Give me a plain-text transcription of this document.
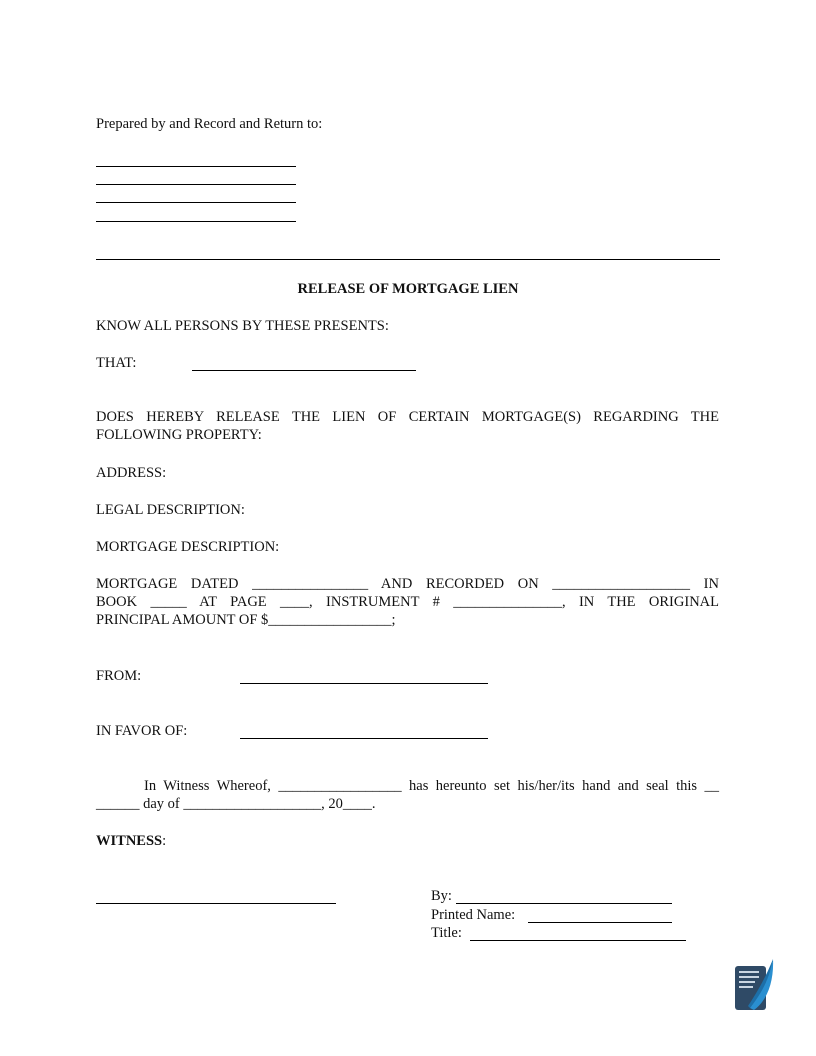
Prepared by and Record and Return to:
RELEASE OF MORTGAGE LIEN
KNOW ALL PERSONS BY THESE PRESENTS:
THAT:
DOES HEREBY RELEASE THE LIEN OF CERTAIN MORTGAGE(S) REGARDING THE
FOLLOWING PROPERTY:
ADDRESS:
LEGAL DESCRIPTION:
MORTGAGE DESCRIPTION:
MORTGAGE DATED ________________ AND RECORDED ON ___________________ IN
BOOK _____ AT PAGE ____, INSTRUMENT # _______________, IN THE ORIGINAL
PRINCIPAL AMOUNT OF $_________________;
FROM:
IN FAVOR OF:
In Witness Whereof, _________________ has hereunto set his/her/its hand and seal this __
______ day of ___________________, 20____.
WITNESS:
By:
Printed Name:
Title:
